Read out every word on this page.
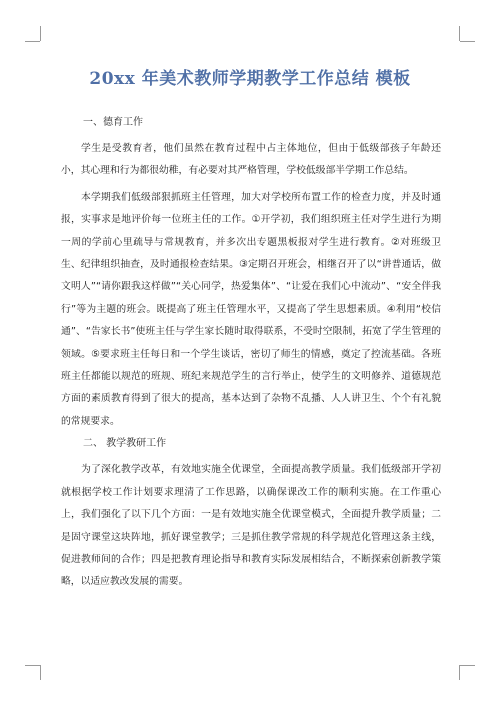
20xx 年美术教师学期教学工作总结 模板
一、德育工作

学生是受教育者，他们虽然在教育过程中占主体地位，但由于低级部孩子年龄还小，其心理和行为都很幼稚，有必要对其严格管理，学校低级部半学期工作总结。

本学期我们低级部狠抓班主任管理，加大对学校所布置工作的检查力度，并及时通报，实事求是地评价每一位班主任的工作。①开学初，我们组织班主任对学生进行为期一周的学前心里疏导与常规教育，并多次出专题黑板报对学生进行教育。②对班级卫生、纪律组织抽查，及时通报检查结果。③定期召开班会，相继召开了以“讲普通话，做文明人”“请你跟我这样做”“关心同学，热爱集体”、“让爱在我们心中流动”、“安全伴我行”等为主题的班会。既提高了班主任管理水平，又提高了学生思想素质。④利用“校信通”、“告家长书”使班主任与学生家长随时取得联系，不受时空限制，拓宽了学生管理的领域。⑤要求班主任每日和一个学生谈话，密切了师生的情感，奠定了控流基础。各班班主任都能以规范的班规、班纪来规范学生的言行举止，使学生的文明修养、道德规范方面的素质教育得到了很大的提高，基本达到了杂物不乱播、人人讲卫生、个个有礼貌的常规要求。

二、 教学教研工作

为了深化教学改革，有效地实施全优课堂，全面提高教学质量。我们低级部开学初就根据学校工作计划要求理清了工作思路，以确保课改工作的顺利实施。在工作重心上，我们强化了以下几个方面：一是有效地实施全优课堂模式，全面提升教学质量；二是固守课堂这块阵地，抓好课堂教学；三是抓住教学常规的科学规范化管理这条主线，促进教师间的合作；四是把教育理论指导和教育实际发展相结合，不断探索创新教学策略，以适应教改发展的需要。
